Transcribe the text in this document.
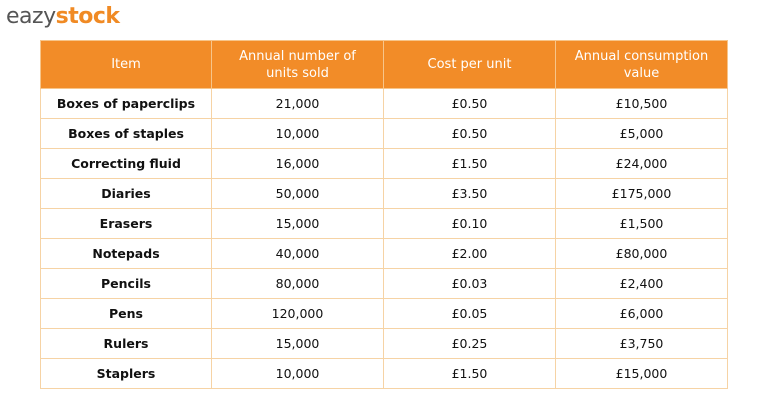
eazystock
Item	Annual number of units sold	Cost per unit	Annual consumption value
Boxes of paperclips	21,000	£0.50	£10,500
Boxes of staples	10,000	£0.50	£5,000
Correcting fluid	16,000	£1.50	£24,000
Diaries	50,000	£3.50	£175,000
Erasers	15,000	£0.10	£1,500
Notepads	40,000	£2.00	£80,000
Pencils	80,000	£0.03	£2,400
Pens	120,000	£0.05	£6,000
Rulers	15,000	£0.25	£3,750
Staplers	10,000	£1.50	£15,000
